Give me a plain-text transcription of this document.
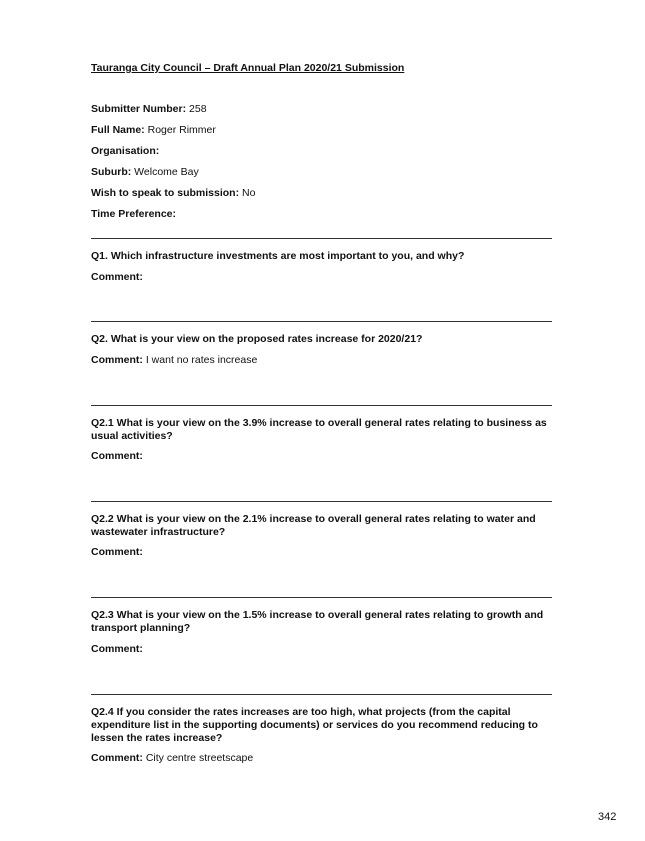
Tauranga City Council – Draft Annual Plan 2020/21 Submission
Submitter Number: 258
Full Name: Roger Rimmer
Organisation:
Suburb: Welcome Bay
Wish to speak to submission: No
Time Preference:
Q1. Which infrastructure investments are most important to you, and why?
Comment:
Q2. What is your view on the proposed rates increase for 2020/21?
Comment: I want no rates increase
Q2.1 What is your view on the 3.9% increase to overall general rates relating to business as usual activities?
Comment:
Q2.2 What is your view on the 2.1% increase to overall general rates relating to water and wastewater infrastructure?
Comment:
Q2.3 What is your view on the 1.5% increase to overall general rates relating to growth and transport planning?
Comment:
Q2.4 If you consider the rates increases are too high, what projects (from the capital expenditure list in the supporting documents) or services do you recommend reducing to lessen the rates increase?
Comment: City centre streetscape
342
